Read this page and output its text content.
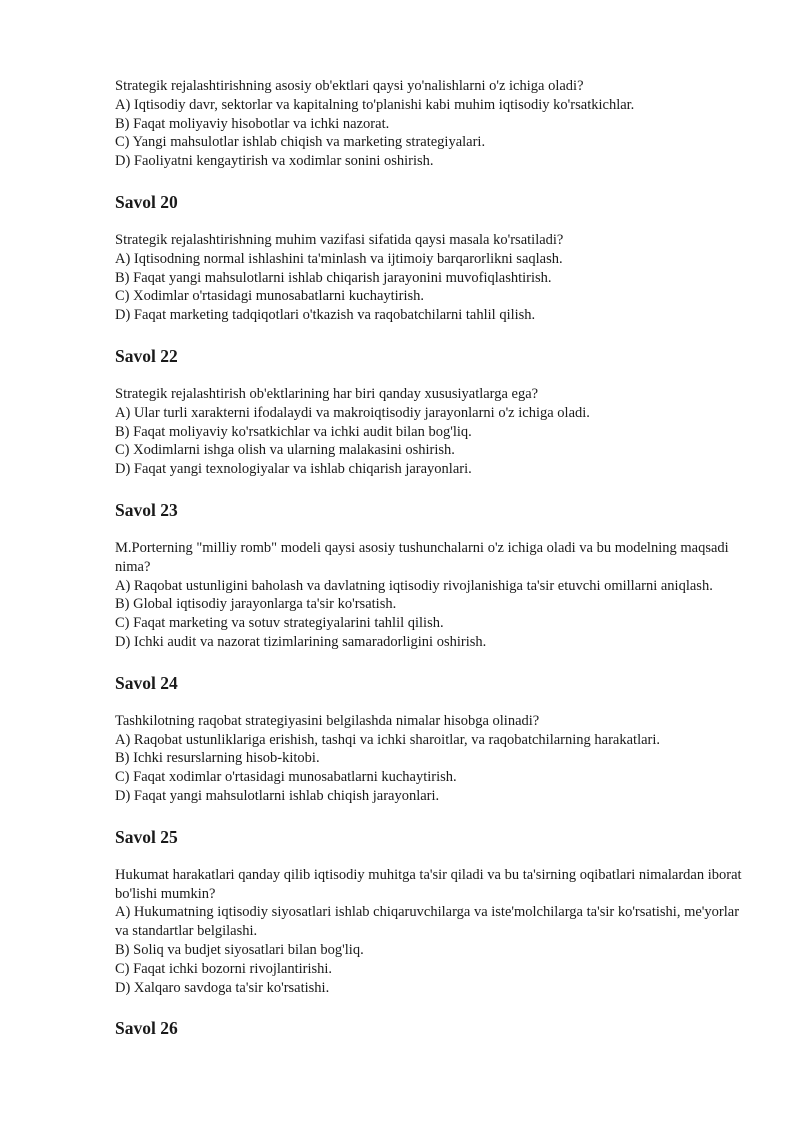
Strategik rejalashtirishning asosiy ob'ektlari qaysi yo'nalishlarni o'z ichiga oladi?

A) Iqtisodiy davr, sektorlar va kapitalning to'planishi kabi muhim iqtisodiy ko'rsatkichlar.

B) Faqat moliyaviy hisobotlar va ichki nazorat.

C) Yangi mahsulotlar ishlab chiqish va marketing strategiyalari.

D) Faoliyatni kengaytirish va xodimlar sonini oshirish.

Savol 20

Strategik rejalashtirishning muhim vazifasi sifatida qaysi masala ko'rsatiladi?

A) Iqtisodning normal ishlashini ta'minlash va ijtimoiy barqarorlikni saqlash.

B) Faqat yangi mahsulotlarni ishlab chiqarish jarayonini muvofiqlashtirish.

C) Xodimlar o'rtasidagi munosabatlarni kuchaytirish.

D) Faqat marketing tadqiqotlari o'tkazish va raqobatchilarni tahlil qilish.

Savol 22

Strategik rejalashtirish ob'ektlarining har biri qanday xususiyatlarga ega?

A) Ular turli xarakterni ifodalaydi va makroiqtisodiy jarayonlarni o'z ichiga oladi.

B) Faqat moliyaviy ko'rsatkichlar va ichki audit bilan bog'liq.

C) Xodimlarni ishga olish va ularning malakasini oshirish.

D) Faqat yangi texnologiyalar va ishlab chiqarish jarayonlari.

Savol 23

M.Porterning "milliy romb" modeli qaysi asosiy tushunchalarni o'z ichiga oladi va bu modelning maqsadi nima?

A) Raqobat ustunligini baholash va davlatning iqtisodiy rivojlanishiga ta'sir etuvchi omillarni aniqlash.

B) Global iqtisodiy jarayonlarga ta'sir ko'rsatish.

C) Faqat marketing va sotuv strategiyalarini tahlil qilish.

D) Ichki audit va nazorat tizimlarining samaradorligini oshirish.

Savol 24

Tashkilotning raqobat strategiyasini belgilashda nimalar hisobga olinadi?

A) Raqobat ustunliklariga erishish, tashqi va ichki sharoitlar, va raqobatchilarning harakatlari.

B) Ichki resurslarning hisob-kitobi.

C) Faqat xodimlar o'rtasidagi munosabatlarni kuchaytirish.

D) Faqat yangi mahsulotlarni ishlab chiqish jarayonlari.

Savol 25

Hukumat harakatlari qanday qilib iqtisodiy muhitga ta'sir qiladi va bu ta'sirning oqibatlari nimalardan iborat bo'lishi mumkin?

A) Hukumatning iqtisodiy siyosatlari ishlab chiqaruvchilarga va iste'molchilarga ta'sir ko'rsatishi, me'yorlar va standartlar belgilashi.

B) Soliq va budjet siyosatlari bilan bog'liq.

C) Faqat ichki bozorni rivojlantirishi.

D) Xalqaro savdoga ta'sir ko'rsatishi.

Savol 26
